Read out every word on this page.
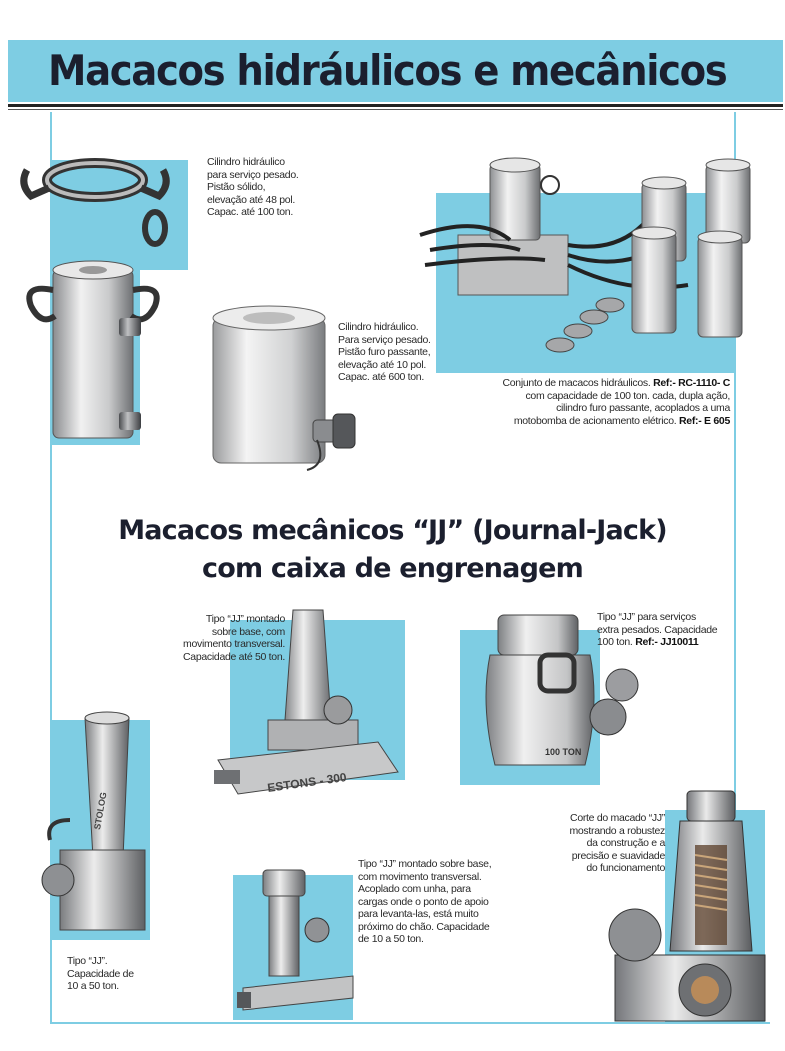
Macacos hidráulicos e mecânicos
ESTONS - 300
100 TON
STOLOG
Cilindro hidráulico
para serviço pesado.
Pistão sólido,
elevação até 48 pol.
Capac. até 100 ton.
Cilindro hidráulico.
Para serviço pesado.
Pistão furo passante,
elevação até 10 pol.
Capac. até 600 ton.	Conjunto de macacos hidráulicos. Ref:- RC-1110- C
com capacidade de 100 ton. cada, dupla ação,
cilindro furo passante, acoplados a uma
motobomba de acionamento elétrico. Ref:- E 605
Macacos mecânicos “JJ” (Journal-Jack)
com caixa de engrenagem
Tipo “JJ” montado
sobre base, com
movimento transversal.
Capacidade até 50 ton.
Tipo “JJ” para serviços
extra pesados. Capacidade
100 ton. Ref:- JJ10011
Corte do macado “JJ”
mostrando a robustez
da construção e a
precisão e suavidade
do funcionamento
Tipo “JJ” montado sobre base,
com movimento transversal.
Acoplado com unha, para
cargas onde o ponto de apoio
para levanta-las, está muito
próximo do chão. Capacidade
de 10 a 50 ton.
Tipo “JJ”.
Capacidade de
10 a 50 ton.
